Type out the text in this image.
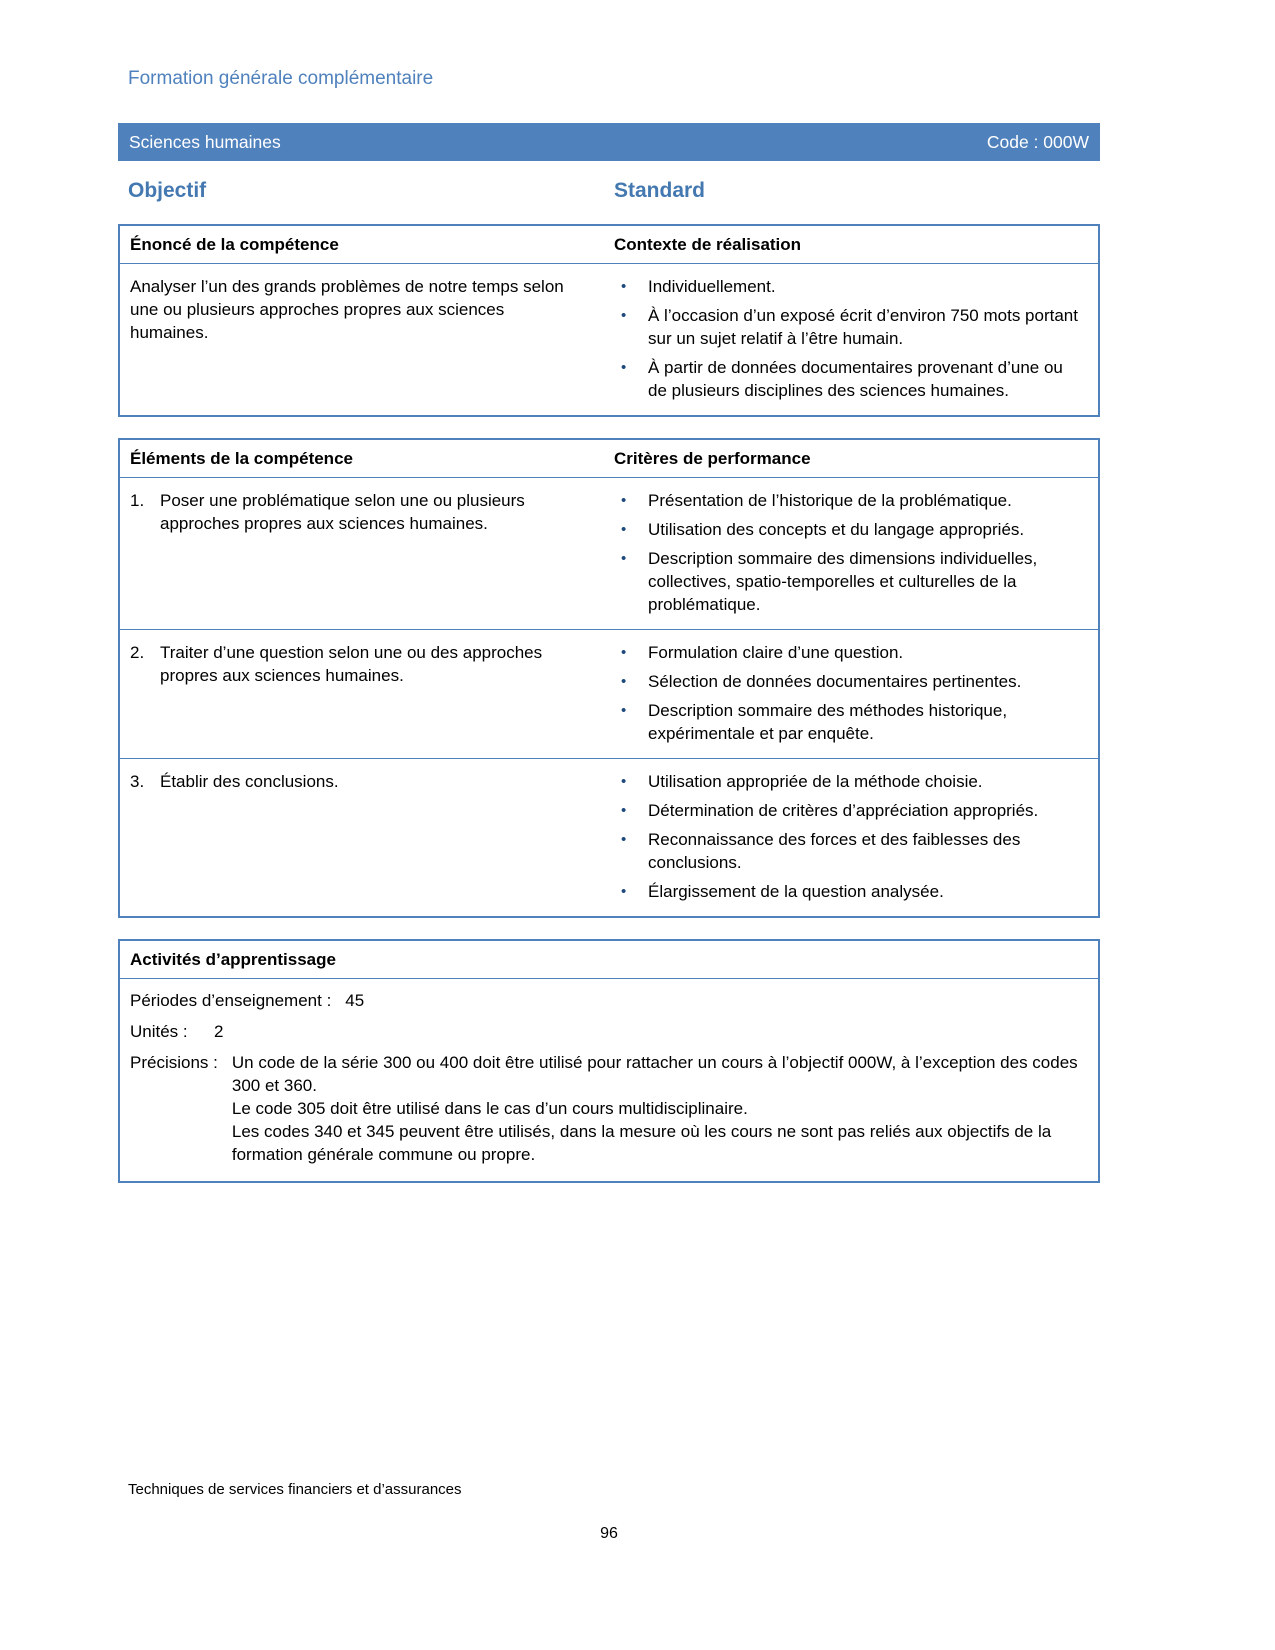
Formation générale complémentaire
Sciences humaines	Code : 000W
Objectif	Standard
Énoncé de la compétence	Contexte de réalisation
Analyser l’un des grands problèmes de notre temps selon une ou plusieurs approches propres aux sciences humaines.
•	Individuellement.
•	À l’occasion d’un exposé écrit d’environ 750 mots portant sur un sujet relatif à l’être humain.
•	À partir de données documentaires provenant d’une ou de plusieurs disciplines des sciences humaines.
Éléments de la compétence	Critères de performance
1. Poser une problématique selon une ou plusieurs approches propres aux sciences humaines.
•	Présentation de l’historique de la problématique.
•	Utilisation des concepts et du langage appropriés.
•	Description sommaire des dimensions individuelles, collectives, spatio-temporelles et culturelles de la problématique.
2. Traiter d’une question selon une ou des approches propres aux sciences humaines.
•	Formulation claire d’une question.
•	Sélection de données documentaires pertinentes.
•	Description sommaire des méthodes historique, expérimentale et par enquête.
3. Établir des conclusions.	•	Utilisation appropriée de la méthode choisie.
•	Détermination de critères d’appréciation appropriés.
•	Reconnaissance des forces et des faiblesses des conclusions.
•	Élargissement de la question analysée.
Activités d’apprentissage
Périodes d’enseignement : 45
Unités :	2
Précisions : Un code de la série 300 ou 400 doit être utilisé pour rattacher un cours à l’objectif 000W, à l’exception des codes 300 et 360.

Le code 305 doit être utilisé dans le cas d’un cours multidisciplinaire.

Les codes 340 et 345 peuvent être utilisés, dans la mesure où les cours ne sont pas reliés aux objectifs de la formation générale commune ou propre.

Techniques de services financiers et d’assurances
96
